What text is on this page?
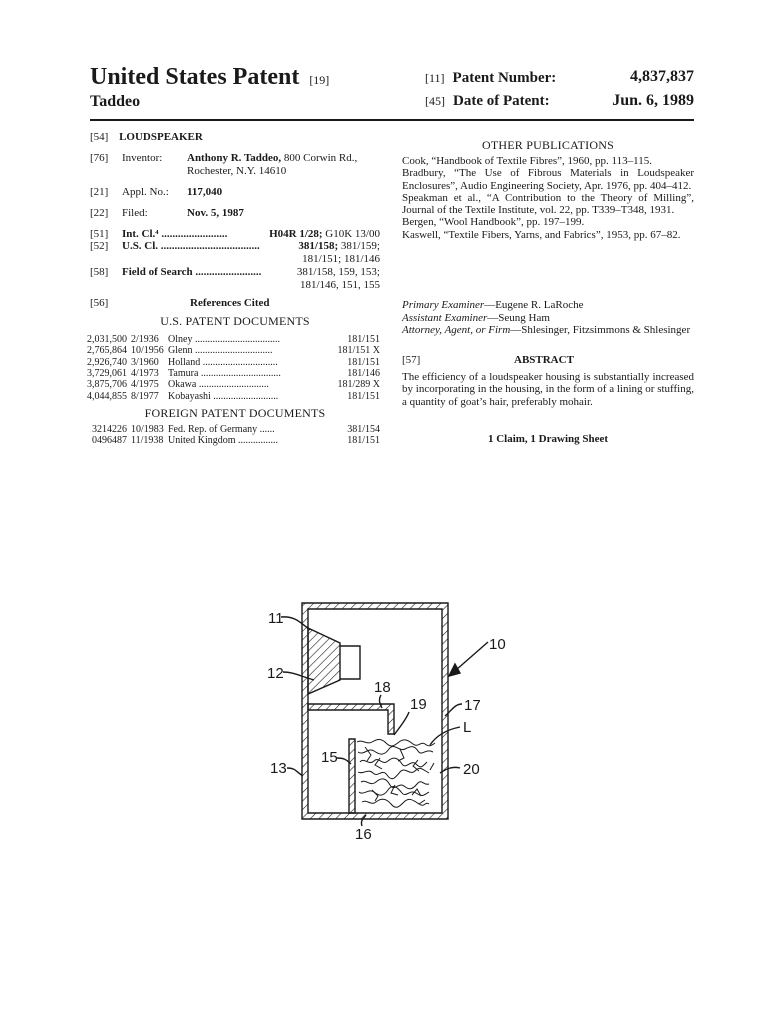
United States Patent [19]
Taddeo
[11] Patent Number:	4,837,837
[45] Date of Patent:	Jun. 6, 1989
[54] LOUDSPEAKER
[76] Inventor: Anthony R. Taddeo, 800 Corwin Rd.,
Rochester, N.Y. 14610
[21] Appl. No.: 117,040
[22] Filed:	Nov. 5, 1987
[51] Int. Cl.⁴ ........................	H04R 1/28; G10K 13/00
[52] U.S. Cl. ....................................	381/158; 381/159;
181/151; 181/146
[58] Field of Search ........................	381/158, 159, 153;
181/146, 151, 155
[56]	References Cited
U.S. PATENT DOCUMENTS
2,031,500 2/1936 Olney ..................................	181/151
2,765,864 10/1956 Glenn ...............................	181/151 X
2,926,740 3/1960 Holland ..............................	181/151
3,729,061 4/1973 Tamura ................................	181/146
3,875,706 4/1975 Okawa ............................	181/289 X
4,044,855 8/1977 Kobayashi ..........................	181/151
FOREIGN PATENT DOCUMENTS
3214226 10/1983 Fed. Rep. of Germany ......	381/154
0496487 11/1938 United Kingdom ................	181/151
OTHER PUBLICATIONS
Cook, “Handbook of Textile Fibres”, 1960, pp. 113–115.
Bradbury, “The Use of Fibrous Materials in Loudspeaker Enclosures”, Audio Engineering Society, Apr. 1976, pp. 404–412.
Speakman et al., “A Contribution to the Theory of Milling”, Journal of the Textile Institute, vol. 22, pp. T339–T348, 1931.
Bergen, “Wool Handbook”, pp. 197–199.
Kaswell, “Textile Fibers, Yarns, and Fabrics”, 1953, pp. 67–82.
Primary Examiner—Eugene R. LaRoche
Assistant Examiner—Seung Ham
Attorney, Agent, or Firm—Shlesinger, Fitzsimmons & Shlesinger
[57]	ABSTRACT
The efficiency of a loudspeaker housing is substantially increased by incorporating in the housing, in the form of a lining or stuffing, a quantity of goat’s hair, preferably mohair.
1 Claim, 1 Drawing Sheet
11
12
13
15
16
18
19 17
L
20
10
